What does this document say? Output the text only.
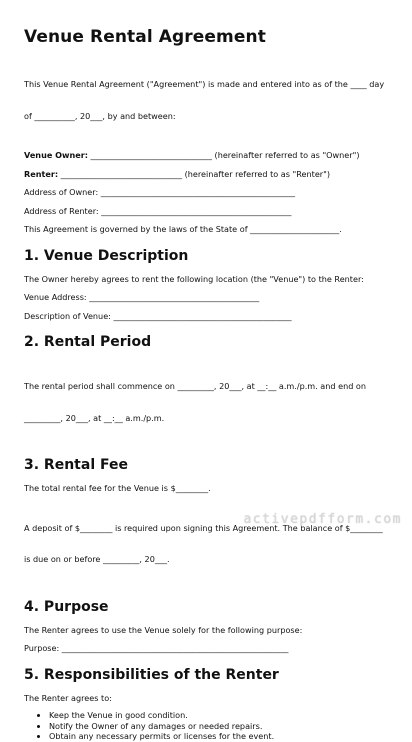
Venue Rental Agreement

This Venue Rental Agreement ("Agreement") is made and entered into as of the ____ day

of __________, 20___, by and between:

Venue Owner: ______________________________ (hereinafter referred to as "Owner")
Renter: ______________________________ (hereinafter referred to as "Renter")
Address of Owner: ________________________________________________
Address of Renter: _______________________________________________
This Agreement is governed by the laws of the State of ______________________.
1. Venue Description
The Owner hereby agrees to rent the following location (the "Venue") to the Renter:
Venue Address: __________________________________________
Description of Venue: ____________________________________________
2. Rental Period

The rental period shall commence on _________, 20___, at __:__ a.m./p.m. and end on

_________, 20___, at __:__ a.m./p.m.

3. Rental Fee
The total rental fee for the Venue is $________.

A deposit of $________ is required upon signing this Agreement. The balance of $________

is due on or before _________, 20___.

4. Purpose
The Renter agrees to use the Venue solely for the following purpose:
Purpose: ________________________________________________________
5. Responsibilities of the Renter
The Renter agrees to:
• Keep the Venue in good condition.
• Notify the Owner of any damages or needed repairs.
• Obtain any necessary permits or licenses for the event.
activepdfform.com
